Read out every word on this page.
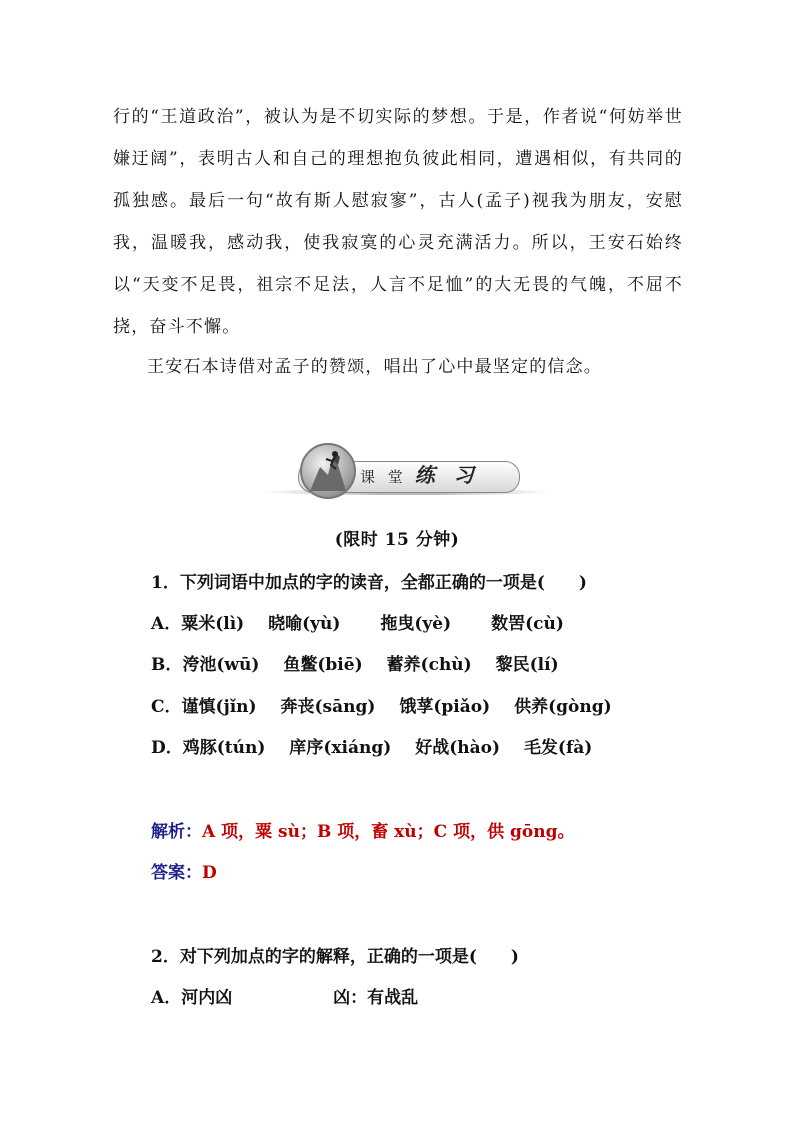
行的“王道政治”，被认为是不切实际的梦想。于是，作者说“何妨举世嫌迂阔”，表明古人和自己的理想抱负彼此相同，遭遇相似，有共同的孤独感。最后一句“故有斯人慰寂寥”，古人(孟子)视我为朋友，安慰我，温暖我，感动我，使我寂寞的心灵充满活力。所以，王安石始终以“天变不足畏，祖宗不足法，人言不足恤”的大无畏的气魄，不屈不挠，奋斗不懈。

王安石本诗借对孟子的赞颂，唱出了心中最坚定的信念。

课 堂 练 习
(限时 15 分钟)
1．下列词语中加点的字的读音，全都正确的一项是(　　)
A．粟米(lì) 晓喻(yù) 拖曳(yè) 数罟(cù)
B．洿池(wū) 鱼鳖(biē) 蓄养(chù) 黎民(lí)
C．谨慎(jǐn) 奔丧(sāng) 饿莩(piǎo) 供养(gòng)
D．鸡豚(tún) 庠序(xiáng) 好战(hào) 毛发(fà)
解析：A 项，粟 sù；B 项，畜 xù；C 项，供 gōng。
答案：D
2．对下列加点的字的解释，正确的一项是(　　)
A．河内凶	凶：有战乱
